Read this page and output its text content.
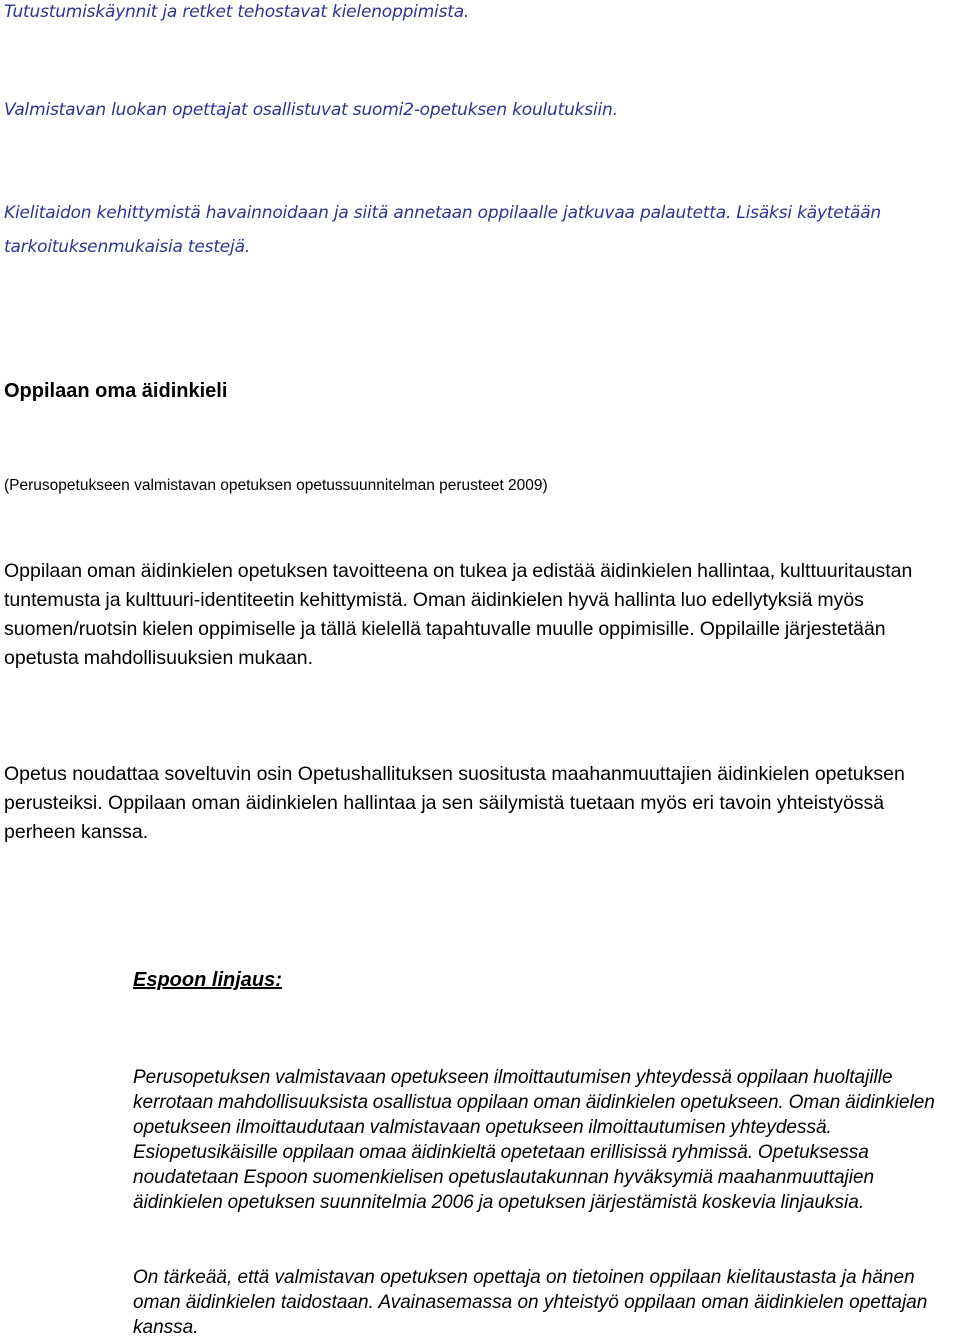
Tutustumiskäynnit ja retket tehostavat kielenoppimista.

Valmistavan luokan opettajat osallistuvat suomi2-opetuksen koulutuksiin.

Kielitaidon kehittymistä havainnoidaan ja siitä annetaan oppilaalle jatkuvaa palautetta. Lisäksi käytetään tarkoituksenmukaisia testejä.

Oppilaan oma äidinkieli

(Perusopetukseen valmistavan opetuksen opetussuunnitelman perusteet 2009)

Oppilaan oman äidinkielen opetuksen tavoitteena on tukea ja edistää äidinkielen hallintaa, kulttuuritaustan tuntemusta ja kulttuuri-identiteetin kehittymistä. Oman äidinkielen hyvä hallinta luo edellytyksiä myös suomen/ruotsin kielen oppimiselle ja tällä kielellä tapahtuvalle muulle oppimisille. Oppilaille järjestetään opetusta mahdollisuuksien mukaan.

Opetus noudattaa soveltuvin osin Opetushallituksen suositusta maahanmuuttajien äidinkielen opetuksen perusteiksi. Oppilaan oman äidinkielen hallintaa ja sen säilymistä tuetaan myös eri tavoin yhteistyössä perheen kanssa.

Espoon linjaus:

Perusopetuksen valmistavaan opetukseen ilmoittautumisen yhteydessä oppilaan huoltajille kerrotaan mahdollisuuksista osallistua oppilaan oman äidinkielen opetukseen. Oman äidinkielen opetukseen ilmoittaudutaan valmistavaan opetukseen ilmoittautumisen yhteydessä. Esiopetusikäisille oppilaan omaa äidinkieltä opetetaan erillisissä ryhmissä. Opetuksessa noudatetaan Espoon suomenkielisen opetuslautakunnan hyväksymiä maahanmuuttajien äidinkielen opetuksen suunnitelmia 2006 ja opetuksen järjestämistä koskevia linjauksia.

On tärkeää, että valmistavan opetuksen opettaja on tietoinen oppilaan kielitaustasta ja hänen oman äidinkielen taidostaan. Avainasemassa on yhteistyö oppilaan oman äidinkielen opettajan kanssa.
